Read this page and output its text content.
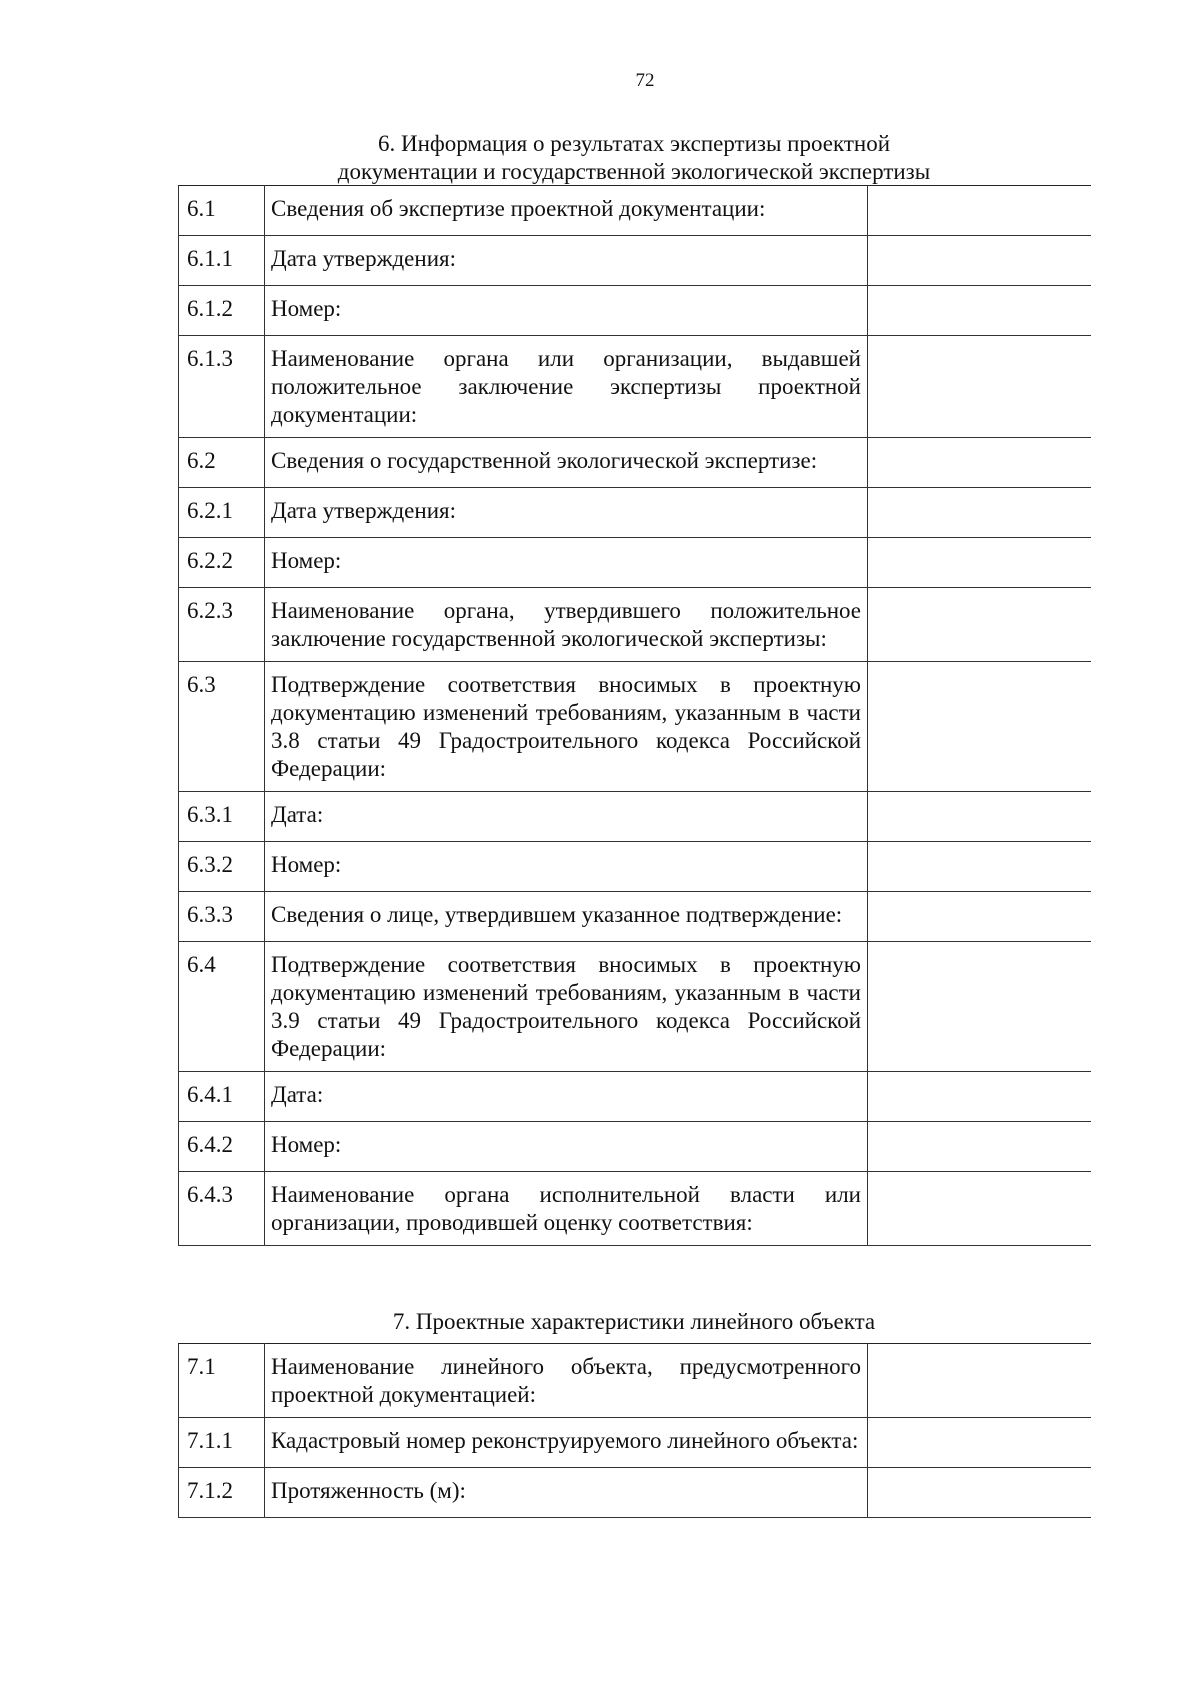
72
6. Информация о результатах экспертизы проектной
документации и государственной экологической экспертизы
6.1	Сведения об экспертизе проектной документации:	
6.1.1	Дата утверждения:	
6.1.2	Номер:	
6.1.3	Наименование органа или организации, выдавшей положительное заключение экспертизы проектной документации:	
6.2	Сведения о государственной экологической экспертизе:	
6.2.1	Дата утверждения:	
6.2.2	Номер:	
6.2.3	Наименование органа, утвердившего положительное заключение государственной экологической экспертизы:	
6.3	Подтверждение соответствия вносимых в проектную документацию изменений требованиям, указанным в части 3.8 статьи 49 Градостроительного кодекса Российской Федерации:	
6.3.1	Дата:	
6.3.2	Номер:	
6.3.3	Сведения о лице, утвердившем указанное подтверждение:	
6.4	Подтверждение соответствия вносимых в проектную документацию изменений требованиям, указанным в части 3.9 статьи 49 Градостроительного кодекса Российской Федерации:	
6.4.1	Дата:	
6.4.2	Номер:	
6.4.3	Наименование органа исполнительной власти или организации, проводившей оценку соответствия:	
7. Проектные характеристики линейного объекта
7.1	Наименование линейного объекта, предусмотренного проектной документацией:	
7.1.1	Кадастровый номер реконструируемого линейного объекта:	
7.1.2	Протяженность (м):	
